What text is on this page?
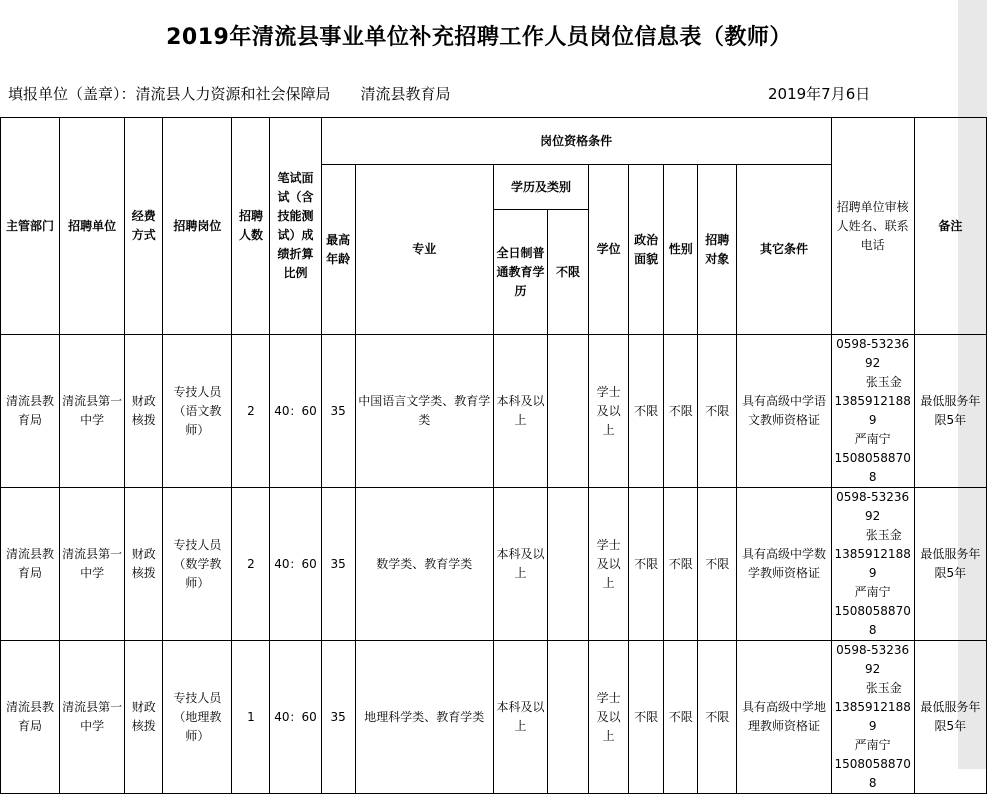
2019年清流县事业单位补充招聘工作人员岗位信息表（教师）
填报单位（盖章）：清流县人力资源和社会保障局　　清流县教育局	2019年7月6日
主管部门	招聘单位	经费方式	招聘岗位	招聘人数	笔试面试（含技能测试）成绩折算比例	岗位资格条件									招聘单位审核人姓名、联系电话	备注
						最高年龄	专业	学历及类别		学位	政治面貌	性别	招聘对象	其它条件		
								全日制普通教育学历	不限							
清流县教育局	清流县第一中学	财政核拨	专技人员（语文教师）	2	40：60	35	中国语言文学类、教育学类	本科及以上		学士及以上	不限	不限	不限	具有高级中学语文教师资格证	0598-5323692
张玉金
13859121889
严南宁
15080588708	最低服务年限5年
清流县教育局	清流县第一中学	财政核拨	专技人员（数学教师）	2	40：60	35	数学类、教育学类	本科及以上		学士及以上	不限	不限	不限	具有高级中学数学教师资格证	0598-5323692
张玉金
13859121889
严南宁
15080588708	最低服务年限5年
清流县教育局	清流县第一中学	财政核拨	专技人员（地理教师）	1	40：60	35	地理科学类、教育学类	本科及以上		学士及以上	不限	不限	不限	具有高级中学地理教师资格证	0598-5323692
张玉金
13859121889
严南宁
15080588708	最低服务年限5年
